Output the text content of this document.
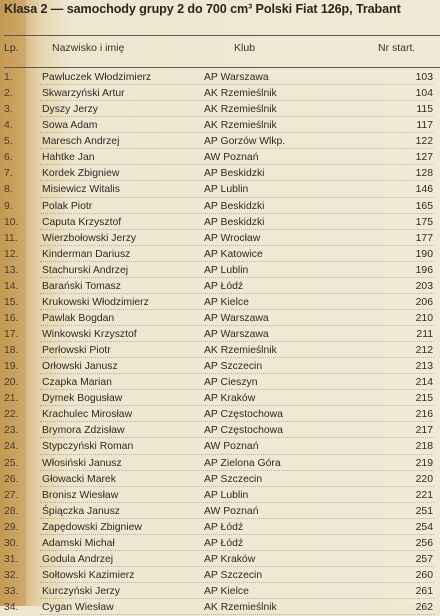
Klasa 2 — samochody grupy 2 do 700 cm³ Polski Fiat 126p, Trabant
Lp.	Nazwisko i imię	Klub	Nr start.
1.	Pawluczek Włodzimierz	AP Warszawa	103
2.	Skwarzyński Artur	AK Rzemieślnik	104
3.	Dyszy Jerzy	AK Rzemieślnik	115
4.	Sowa Adam	AK Rzemieślnik	117
5.	Maresch Andrzej	AP Gorzów Wlkp.	122
6.	Hahtke Jan	AW Poznań	127
7.	Kordek Zbigniew	AP Beskidzki	128
8.	Misiewicz Witalis	AP Lublin	146
9.	Polak Piotr	AP Beskidzki	165
10.	Caputa Krzysztof	AP Beskidzki	175
11.	Wierzbołowski Jerzy	AP Wrocław	177
12.	Kinderman Dariusz	AP Katowice	190
13.	Stachurski Andrzej	AP Lublin	196
14.	Barański Tomasz	AP Łódź	203
15.	Krukowski Włodzimierz	AP Kielce	206
16.	Pawlak Bogdan	AP Warszawa	210
17.	Winkowski Krzysztof	AP Warszawa	211
18.	Perłowski Piotr	AK Rzemieślnik	212
19.	Orłowski Janusz	AP Szczecin	213
20.	Czapka Marian	AP Cieszyn	214
21.	Dymek Bogusław	AP Kraków	215
22.	Krachulec Mirosław	AP Częstochowa	216
23.	Brymora Zdzisław	AP Częstochowa	217
24.	Stypczyński Roman	AW Poznań	218
25.	Włosiński Janusz	AP Zielona Góra	219
26.	Głowacki Marek	AP Szczecin	220
27.	Bronisz Wiesław	AP Lublin	221
28.	Śpiączka Janusz	AW Poznań	251
29.	Zapędowski Zbigniew	AP Łódź	254
30.	Adamski Michał	AP Łódź	256
31.	Godula Andrzej	AP Kraków	257
32.	Sołtowski Kazimierz	AP Szczecin	260
33.	Kurczyński Jerzy	AP Kielce	261
34.	Cygan Wiesław	AK Rzemieślnik	262
